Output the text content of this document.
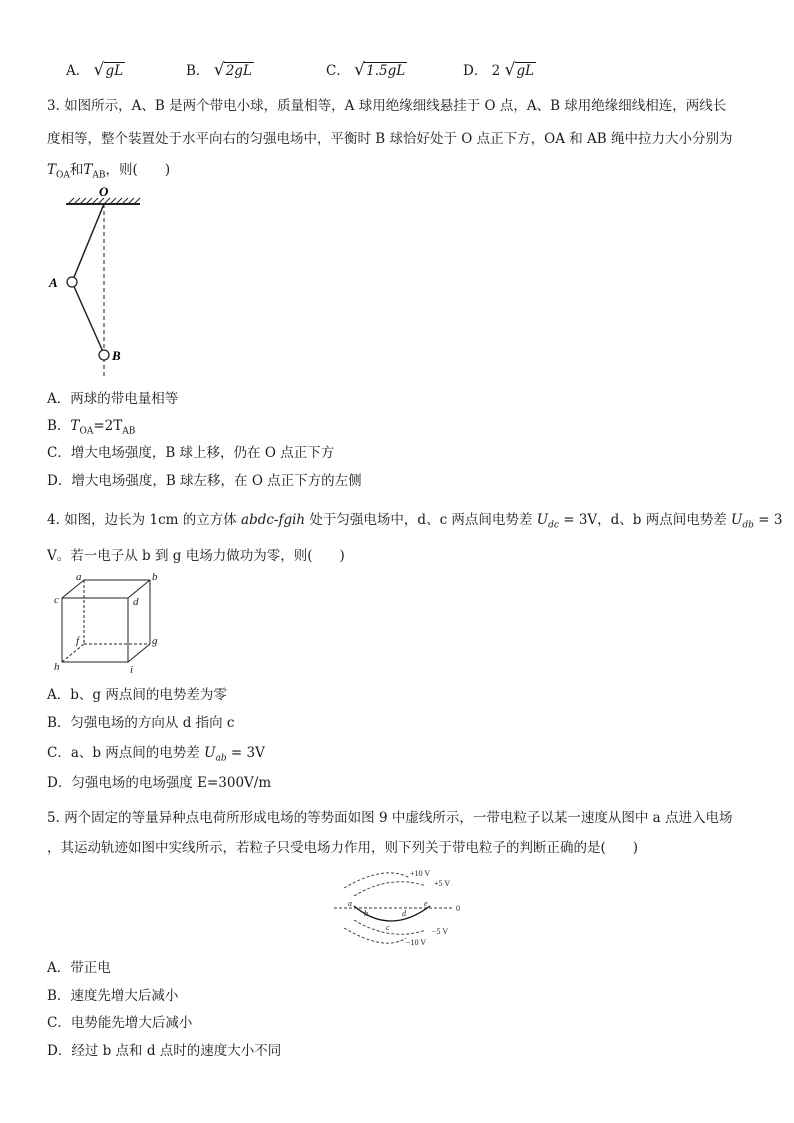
A． √ gL	B． √ 2gL	C． √ 1.5gL	D． 2 √ gL
3. 如图所示，A、B 是两个带电小球，质量相等，A 球用绝缘细线悬挂于 O 点，A、B 球用绝缘细线相连，两线长
度相等，整个装置处于水平向右的匀强电场中，平衡时 B 球恰好处于 O 点正下方，OA 和 AB 绳中拉力大小分别为
$T_{OA}$和$T_{AB}$，则(　　)
O
A
B
A．两球的带电量相等
B．$T_{OA}=2T_{AB}$
C．增大电场强度，B 球上移，仍在 O 点正下方
D．增大电场强度，B 球左移，在 O 点正下方的左侧
4. 如图，边长为 1cm 的立方体 abdc-fgih 处于匀强电场中，d、c 两点间电势差 $U_{dc} = 3V$，d、b 两点间电势差 $U_{db} = 3$
V。若一电子从 b 到 g 电场力做功为零，则(　　)
a	b
c	d
f	g
h	i
A．b、g 两点间的电势差为零
B．匀强电场的方向从 d 指向 c
C．a、b 两点间的电势差 $U_{ab} = 3V$
D．匀强电场的电场强度 E=300V/m
5. 两个固定的等量异种点电荷所形成电场的等势面如图 9 中虚线所示，一带电粒子以某一速度从图中 a 点进入电场
，其运动轨迹如图中实线所示，若粒子只受电场力作用，则下列关于带电粒子的判断正确的是(　　)
+10 V
+5 V
0
−5 V
−10 V
a
b
c
d
e
A．带正电
B．速度先增大后减小
C．电势能先增大后减小
D．经过 b 点和 d 点时的速度大小不同
